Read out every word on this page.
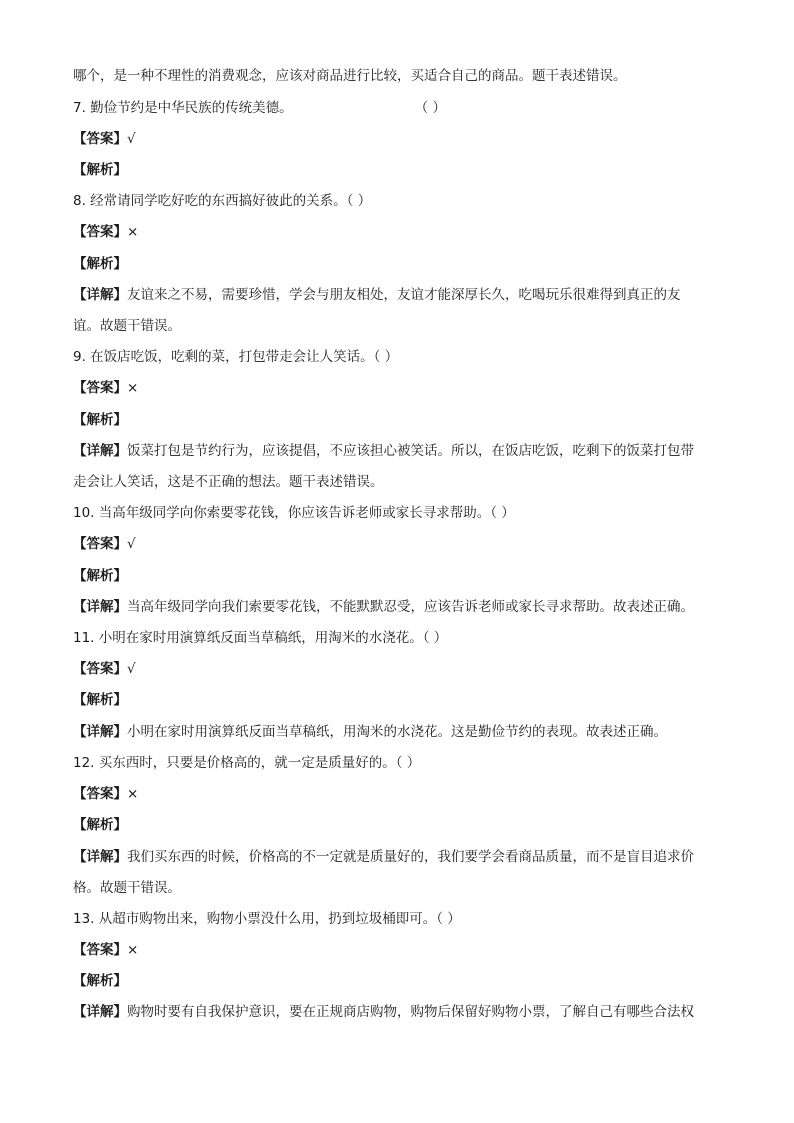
哪个，是一种不理性的消费观念，应该对商品进行比较，买适合自己的商品。题干表述错误。
7. 勤俭节约是中华民族的传统美德。	（ ）
【答案】√
【解析】
8. 经常请同学吃好吃的东西搞好彼此的关系。（ ）
【答案】×
【解析】
【详解】友谊来之不易，需要珍惜，学会与朋友相处，友谊才能深厚长久，吃喝玩乐很难得到真正的友
谊。故题干错误。
9. 在饭店吃饭，吃剩的菜，打包带走会让人笑话。（ ）
【答案】×
【解析】
【详解】饭菜打包是节约行为，应该提倡，不应该担心被笑话。所以，在饭店吃饭，吃剩下的饭菜打包带
走会让人笑话，这是不正确的想法。题干表述错误。
10. 当高年级同学向你索要零花钱，你应该告诉老师或家长寻求帮助。（ ）
【答案】√
【解析】
【详解】当高年级同学向我们索要零花钱，不能默默忍受，应该告诉老师或家长寻求帮助。故表述正确。
11. 小明在家时用演算纸反面当草稿纸，用淘米的水浇花。（ ）
【答案】√
【解析】
【详解】小明在家时用演算纸反面当草稿纸，用淘米的水浇花。这是勤俭节约的表现。故表述正确。
12. 买东西时，只要是价格高的，就一定是质量好的。（ ）
【答案】×
【解析】
【详解】我们买东西的时候，价格高的不一定就是质量好的，我们要学会看商品质量，而不是盲目追求价
格。故题干错误。
13. 从超市购物出来，购物小票没什么用，扔到垃圾桶即可。（ ）
【答案】×
【解析】
【详解】购物时要有自我保护意识，要在正规商店购物，购物后保留好购物小票，了解自己有哪些合法权
